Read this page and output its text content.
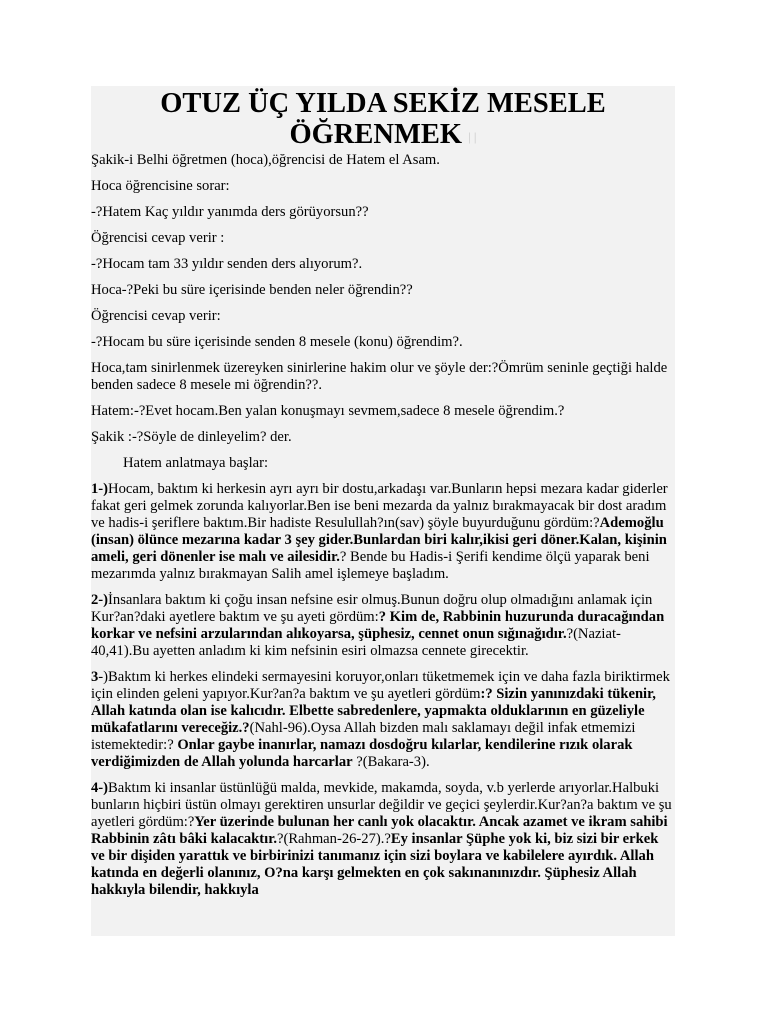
OTUZ ÜÇ YILDA SEKİZ MESELE
ÖĞRENMEK | |

Şakik-i Belhi öğretmen (hoca),öğrencisi de Hatem el Asam.

Hoca öğrencisine sorar:

-?Hatem Kaç yıldır yanımda ders görüyorsun??

Öğrencisi cevap verir :

-?Hocam tam 33 yıldır senden ders alıyorum?.

Hoca-?Peki bu süre içerisinde benden neler öğrendin??

Öğrencisi cevap verir:

-?Hocam bu süre içerisinde senden 8 mesele (konu) öğrendim?.

Hoca,tam sinirlenmek üzereyken sinirlerine hakim olur ve şöyle der:?Ömrüm seninle geçtiği halde benden sadece 8 mesele mi öğrendin??.

Hatem:-?Evet hocam.Ben yalan konuşmayı sevmem,sadece 8 mesele öğrendim.?

Şakik :-?Söyle de dinleyelim? der.

Hatem anlatmaya başlar:

1-)Hocam, baktım ki herkesin ayrı ayrı bir dostu,arkadaşı var.Bunların hepsi mezara kadar giderler fakat geri gelmek zorunda kalıyorlar.Ben ise beni mezarda da yalnız bırakmayacak bir dost aradım ve hadis-i şeriflere baktım.Bir hadiste Resulullah?ın(sav) şöyle buyurduğunu gördüm:?Ademoğlu (insan) ölünce mezarına kadar 3 şey gider.Bunlardan biri kalır,ikisi geri döner.Kalan, kişinin ameli, geri dönenler ise malı ve ailesidir.? Bende bu Hadis-i Şerifi kendime ölçü yaparak beni mezarımda yalnız bırakmayan Salih amel işlemeye başladım.

2-)İnsanlara baktım ki çoğu insan nefsine esir olmuş.Bunun doğru olup olmadığını anlamak için Kur?an?daki ayetlere baktım ve şu ayeti gördüm:? Kim de, Rabbinin huzurunda duracağından korkar ve nefsini arzularından alıkoyarsa, şüphesiz, cennet onun sığınağıdır.?(Naziat-40,41).Bu ayetten anladım ki kim nefsinin esiri olmazsa cennete girecektir.

3-)Baktım ki herkes elindeki sermayesini koruyor,onları tüketmemek için ve daha fazla biriktirmek için elinden geleni yapıyor.Kur?an?a baktım ve şu ayetleri gördüm:? Sizin yanınızdaki tükenir, Allah katında olan ise kalıcıdır. Elbette sabredenlere, yapmakta olduklarının en güzeliyle mükafatlarını vereceğiz.?(Nahl-96).Oysa Allah bizden malı saklamayı değil infak etmemizi istemektedir:? Onlar gaybe inanırlar, namazı dosdoğru kılarlar, kendilerine rızık olarak verdiğimizden de Allah yolunda harcarlar ?(Bakara-3).

4-)Baktım ki insanlar üstünlüğü malda, mevkide, makamda, soyda, v.b yerlerde arıyorlar.Halbuki bunların hiçbiri üstün olmayı gerektiren unsurlar değildir ve geçici şeylerdir.Kur?an?a baktım ve şu ayetleri gördüm:?Yer üzerinde bulunan her canlı yok olacaktır. Ancak azamet ve ikram sahibi Rabbinin zâtı bâki kalacaktır.?(Rahman-26-27).?Ey insanlar Şüphe yok ki, biz sizi bir erkek ve bir dişiden yarattık ve birbirinizi tanımanız için sizi boylara ve kabilelere ayırdık. Allah katında en değerli olanınız, O?na karşı gelmekten en çok sakınanınızdır. Şüphesiz Allah hakkıyla bilendir, hakkıyla
